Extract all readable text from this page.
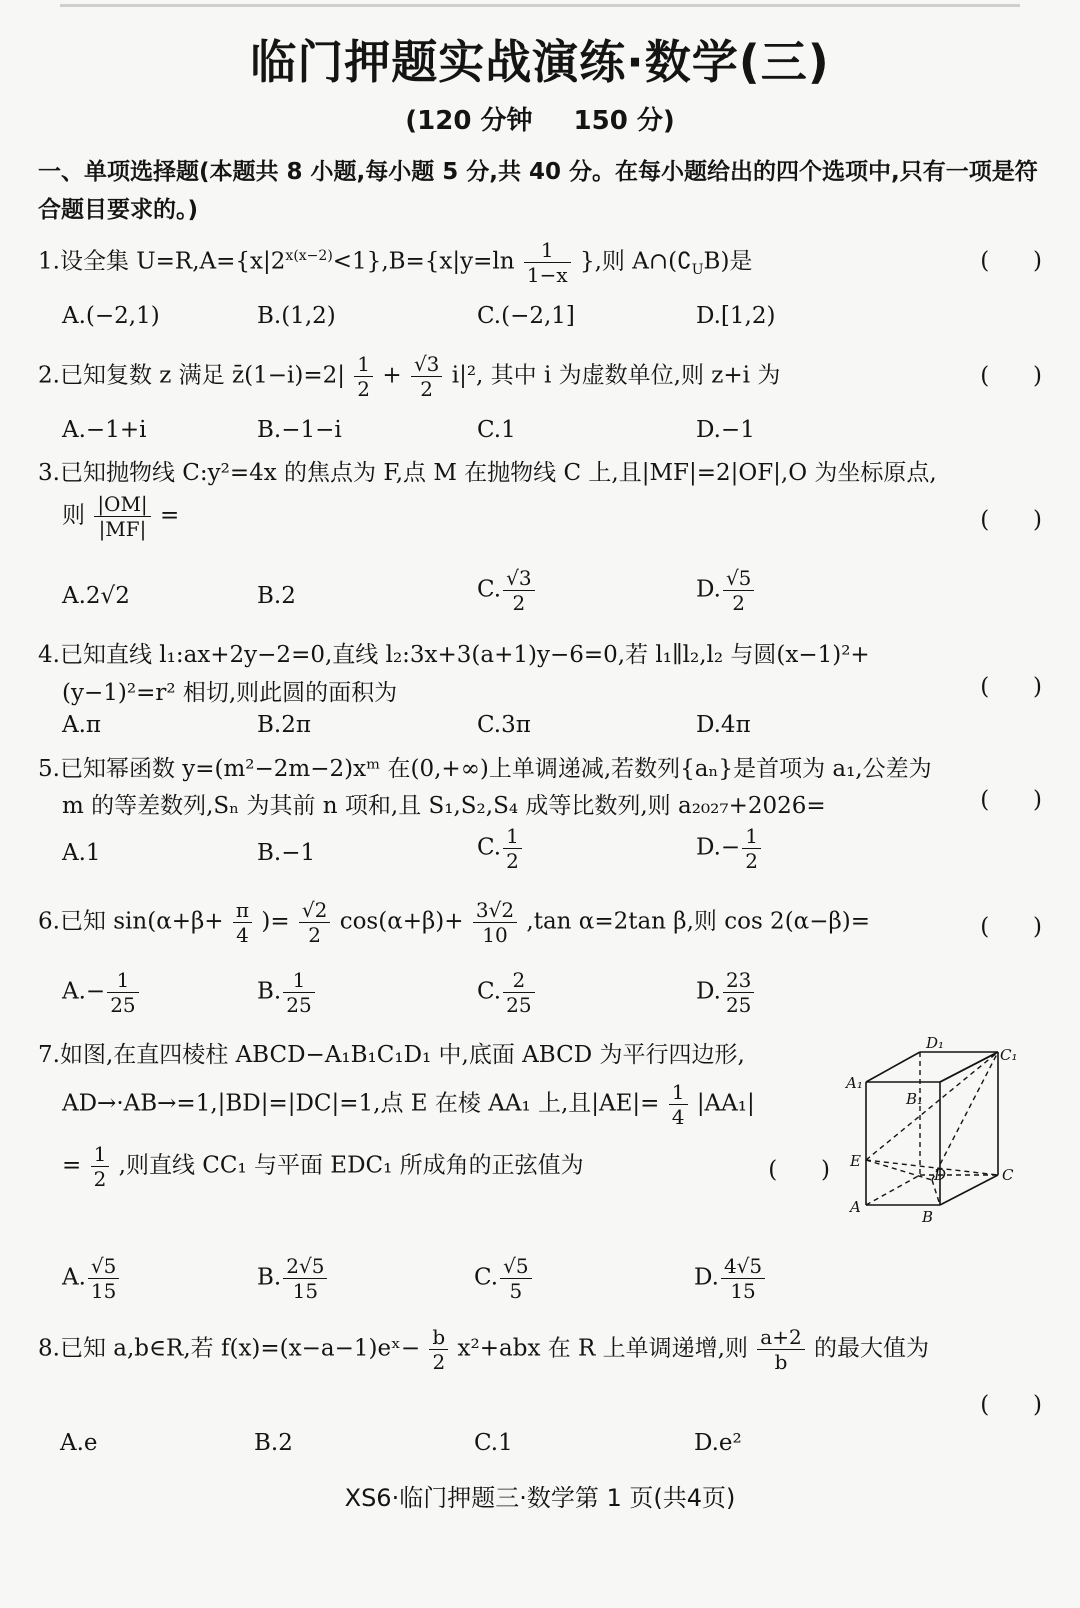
临门押题实战演练·数学(三)
(120 分钟 150 分)
一、单项选择题(本题共 8 小题,每小题 5 分,共 40 分。在每小题给出的四个选项中,只有一项是符合题目要求的。)
1.设全集 $U=R,A=\{x|2^{x(x-2)}<1\},B=\{x|y=\ln \frac{1}{1-x}$ },则 $A\cap(∁_UB)$是	(      )
A.(−2,1)	B.(1,2)	C.(−2,1]	D.[1,2)
2.已知复数 z 满足 z̄(1−i)=2| $\frac{1}{2} + \frac{√3}{2} i|^2$, 其中 i 为虚数单位,则 z+i 为	(      )
A.−1+i	B.−1−i	C.1	D.−1
3.已知抛物线 C:y²=4x 的焦点为 F,点 M 在抛物线 C 上,且|MF|=2|OF|,O 为坐标原点,
则 $\frac{|OM|}{|MF|}$ =	(      )
A.2√2	B.2	C. $\frac{√3}{2}$	D. $\frac{√5}{2}$
4.已知直线 l₁:ax+2y−2=0,直线 l₂:3x+3(a+1)y−6=0,若 l₁∥l₂,l₂ 与圆(x−1)²+
(y−1)²=r² 相切,则此圆的面积为	(      )
A.π	B.2π	C.3π	D.4π
5.已知幂函数 y=(m²−2m−2)xᵐ 在(0,+∞)上单调递减,若数列{aₙ}是首项为 a₁,公差为
m 的等差数列,Sₙ 为其前 n 项和,且 S₁,S₂,S₄ 成等比数列,则 a₂₀₂₇+2026=	(      )
A.1	B.−1	C. $\frac{1}{2}$	$D.- \frac{1}{2}$
6.已知 $\sin(\alpha+\beta+ \frac{\pi}{4}$ )= $\frac{√2}{2} \cos(\alpha+\beta)+ \frac{3√2}{10} ,\tan$ α=2tan β,则 cos 2(α−β)=	(      )
$A.- \frac{1}{25}$	B. $\frac{1}{25}$	C. $\frac{2}{25}$	D. $\frac{23}{25}$
7.如图,在直四棱柱 ABCD−A₁B₁C₁D₁ 中,底面 ABCD 为平行四边形,
AD→·AB→=1,|BD|=|DC|=1,点 E 在棱 AA₁ 上,且$|AE|= \frac{1}{4} |AA_1|$
= $\frac{1}{2}$ ,则直线 CC₁ 与平面 EDC₁ 所成角的正弦值为	(      )
D₁
C₁
A₁
B₁
E
D	C
A
B
A. $\frac{√5}{15}$	B. $\frac{2√5}{15}$	C. $\frac{√5}{5}$	D. $\frac{4√5}{15}$
8.已知 a,b∈R,若 f(x)=(x−a−1)eˣ− $\frac{b}{2} x^2+abx$ 在 R 上单调递增,则 $\frac{a+2}{b}$ 的最大值为
(      )
A.e	B.2	C.1	D.e²
XS6·临门押题三·数学第 1 页(共4页)
